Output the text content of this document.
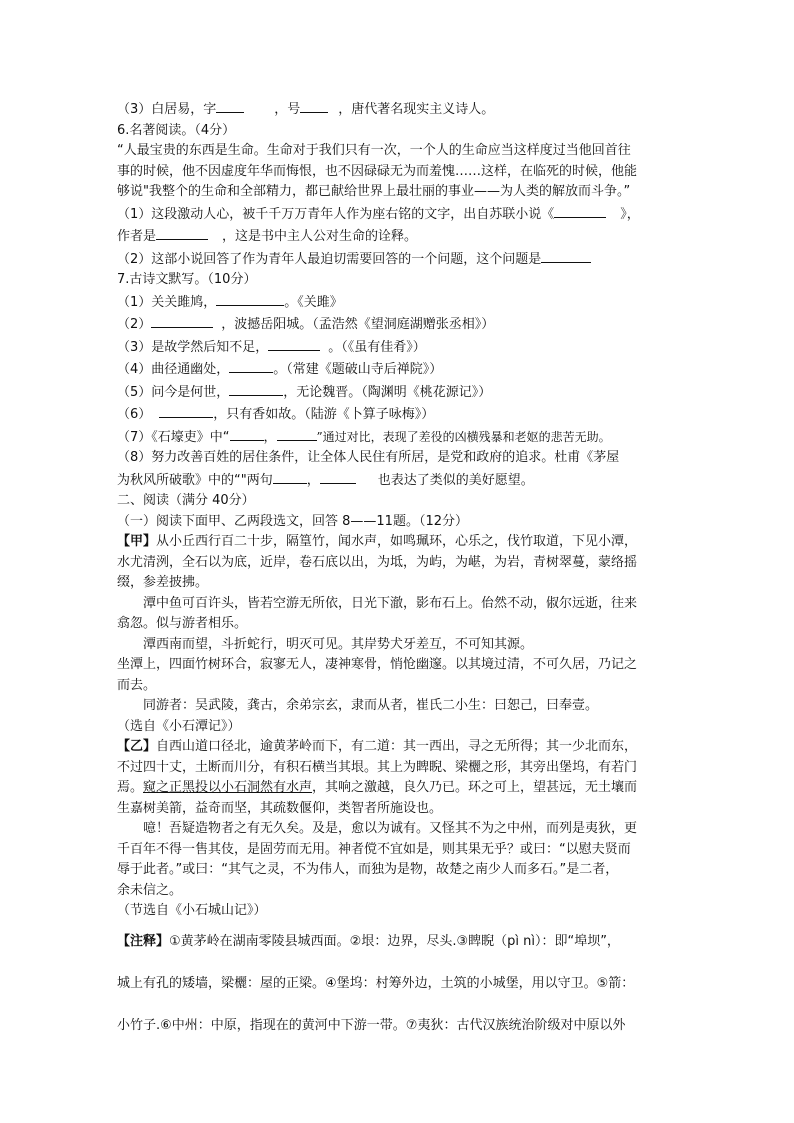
（3）白居易，字	，号	，唐代著名现实主义诗人。
6.名著阅读。（4分）
“人最宝贵的东西是生命。生命对于我们只有一次，一个人的生命应当这样度过当他回首往
事的时候，他不因虚度年华而悔恨，也不因碌碌无为而羞愧……这样，在临死的时候，他能
够说"我整个的生命和全部精力，都已献给世界上最壮丽的事业——为人类的解放而斗争。”
（1）这段激动人心，被千千万万青年人作为座右铭的文字，出自苏联小说《	》，
作者是	，这是书中主人公对生命的诠释。
（2）这部小说回答了作为青年人最迫切需要回答的一个问题，这个问题是
7.古诗文默写。（10分）
（1）关关雎鸠，	。《关雎》
（2）	，波撼岳阳城。（孟浩然《望洞庭湖赠张丞相》）
（3）是故学然后知不足，	。（《虽有佳肴》）
（4）曲径通幽处，	。（常建《题破山寺后禅院》）
（5）问今是何世，	，无论魏晋。（陶渊明《桃花源记》）
（6）	，只有香如故。（陆游《卜算子咏梅》）
（7）《石壕吏》中“	，	”通过对比，表现了差役的凶横残暴和老妪的悲苦无助。
（8）努力改善百姓的居住条件，让全体人民住有所居，是党和政府的追求。杜甫《茅屋
为秋风所破歌》中的“"两句	，	也表达了类似的美好愿望。
二、阅读（满分 40分）
（一）阅读下面甲、乙两段选文，回答 8——11题。（12分）
【甲】从小丘西行百二十步，隔篁竹，闻水声，如鸣珮环，心乐之，伐竹取道，下见小潭，
水尤清洌，全石以为底，近岸，卷石底以出，为坻，为屿，为嵁，为岩，青树翠蔓，蒙络摇
缀，参差披拂。
潭中鱼可百许头，皆若空游无所依，日光下澈，影布石上。佁然不动，俶尔远逝，往来
翕忽。似与游者相乐。
潭西南而望，斗折蛇行，明灭可见。其岸势犬牙差互，不可知其源。
坐潭上，四面竹树环合，寂寥无人，凄神寒骨，悄怆幽邃。以其境过清，不可久居，乃记之
而去。
同游者：吴武陵，龚古，余弟宗玄，隶而从者，崔氏二小生：曰恕己，曰奉壹。
（选自《小石潭记》）
【乙】自西山道口径北，逾黄茅岭而下，有二道：其一西出，寻之无所得；其一少北而东，
不过四十丈，土断而川分，有积石横当其垠。其上为睥睨、梁欐之形，其旁出堡坞，有若门
焉。窥之正黑投以小石洞然有水声，其响之激越，良久乃已。环之可上，望甚远，无土壤而
生嘉树美箭，益奇而坚，其疏数偃仰，类智者所施设也。
噫！吾疑造物者之有无久矣。及是，愈以为诚有。又怪其不为之中州，而列是夷狄，更
千百年不得一售其伎，是固劳而无用。神者傥不宜如是，则其果无乎？或曰：“以慰夫贤而
辱于此者。”或曰：“其气之灵，不为伟人，而独为是物，故楚之南少人而多石。”是二者，
余未信之。
（节选自《小石城山记》）
【注释】①黄茅岭在湖南零陵县城西面。②垠：边界，尽头.③睥睨（pì nì）：即“埠坝”，
城上有孔的矮墙，梁欐：屋的正梁。④堡坞：村筹外边，土筑的小城堡，用以守卫。⑤箭：
小竹子.⑥中州：中原，指现在的黄河中下游一带。⑦夷狄：古代汉族统治阶级对中原以外
